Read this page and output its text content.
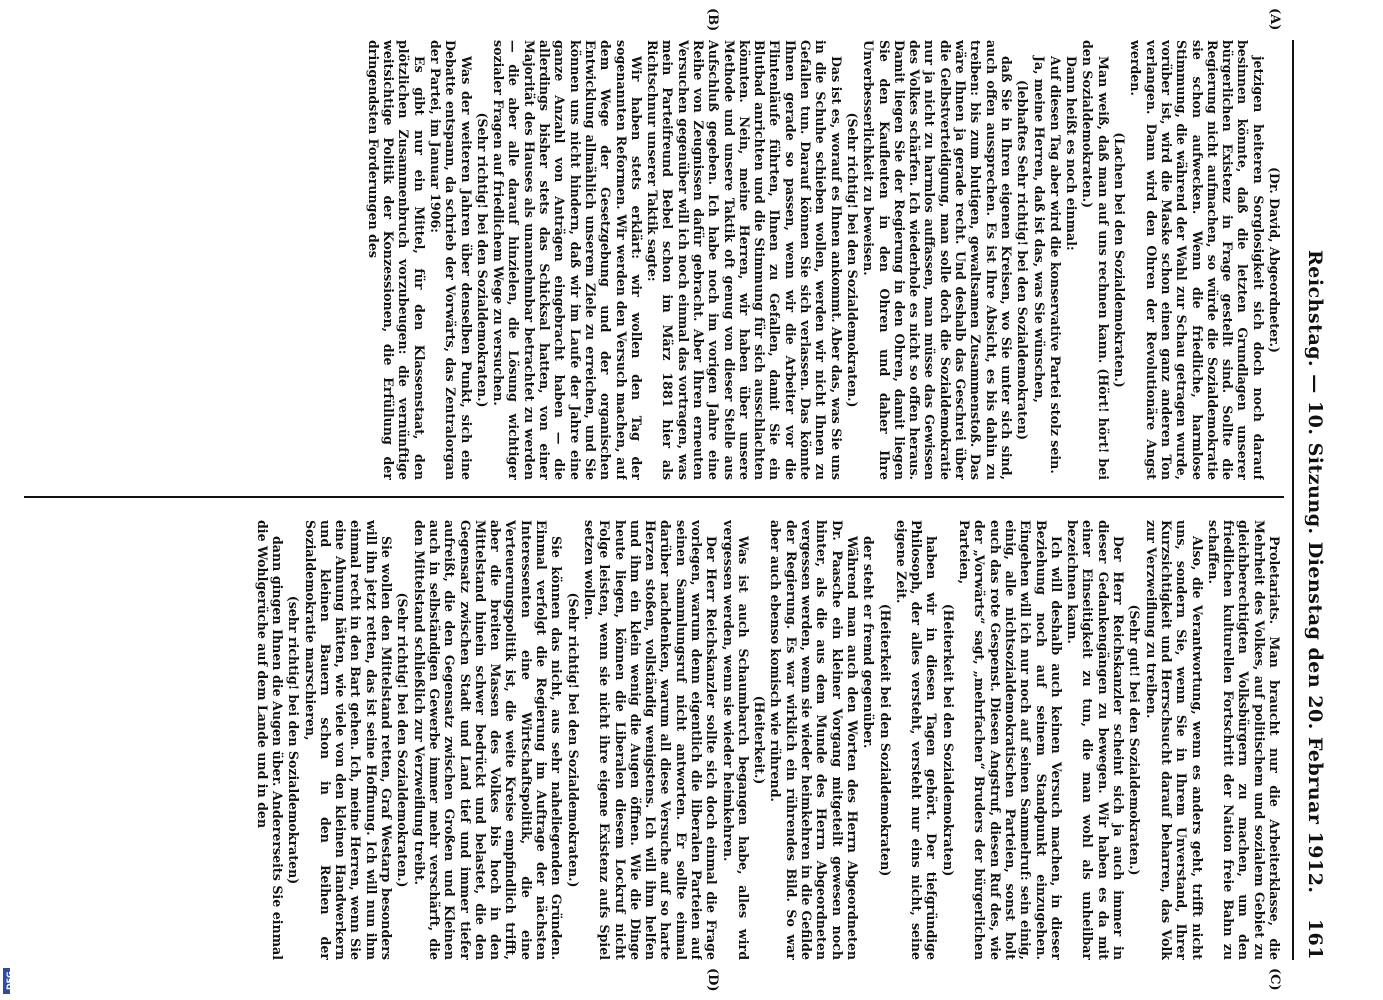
Reichstag. — 10. Sitzung. Dienstag den 20. Februar 1912.
161
(A)
(B)
(C)
(D)

(Dr. David, Abgeordneter.)

jetzigen heiteren Sorglosigkeit sich doch noch darauf besinnen könnte, daß die letzten Grundlagen unserer bürgerlichen Existenz in Frage gestellt sind. Sollte die Regierung nicht aufmachen, so würde die Sozialdemokratie sie schon aufwecken. Wenn die friedliche, harmlose Stimmung, die während der Wahl zur Schau getragen wurde, vorüber ist, wird die Maske schon einen ganz anderen Ton verlangen. Dann wird den Ohren der Revolutionäre Angst werden.

(Lachen bei den Sozialdemokraten.)

Man weiß, daß man auf uns rechnen kann. (Hört! hört! bei den Sozialdemokraten.)

Dann heißt es noch einmal:

Auf diesen Tag aber wird die konservative Partei stolz sein.

Ja, meine Herren, daß ist das, was Sie wünschen,

(lebhaftes Sehr richtig! bei den Sozialdemokraten)

daß Sie in Ihren eigenen Kreisen, wo Sie unter sich sind, auch offen aussprechen. Es ist Ihre Absicht, es bis dahin zu treiben: bis zum blutigen, gewaltsamen Zusammenstoß. Das wäre Ihnen ja gerade recht. Und deshalb das Geschrei über die Gelbstverteidigung, man solle doch die Sozialdemokratie nur ja nicht zu harmlos auffassen, man müsse das Gewissen des Volkes schärfen. Ich wiederhole es nicht so offen heraus. Damit liegen Sie der Regierung in den Ohren, damit liegen Sie den Kaufleuten in den Ohren und daher Ihre Unverbesserlichkeit zu beweisen.

(Sehr richtig! bei den Sozialdemokraten.)

Das ist es, worauf es Ihnen ankommt. Aber das, was Sie uns in die Schuhe schieben wollen, werden wir nicht Ihnen zu Gefallen tun. Darauf können Sie sich verlassen. Das könnte Ihnen gerade so passen, wenn wir die Arbeiter vor die Flintenläufe führten, Ihnen zu Gefallen, damit Sie ein Blutbad anrichten und die Stimmung für sich ausschlachten könnten. Nein, meine Herren, wir haben über unsere Methode und unsere Taktik oft genug von dieser Stelle aus Aufschluß gegeben. Ich habe noch im vorigen Jahre eine Reihe von Zeugnissen dafür gebracht. Aber Ihren erneuten Versuchen gegenüber will ich noch einmal das vortragen, was mein Parteifreund Bebel schon im März 1881 hier als Richtschnur unserer Taktik sagte:

Wir haben stets erklärt: wir wollen den Tag der sogenannten Reformen. Wir werden den Versuch machen, auf dem Wege der Gesetzgebung und der organischen Entwicklung allmählich unserem Ziele zu erreichen, und Sie können uns nicht hindern, daß wir im Laufe der Jahre eine ganze Anzahl von Anträgen eingebracht haben — die allerdings bisher stets das Schicksal hatten, von einer Majorität des Hauses als unannehmbar betrachtet zu werden — die aber alle darauf hinzielen, die Lösung wichtiger sozialer Fragen auf friedlichem Wege zu versuchen.

(Sehr richtig! bei den Sozialdemokraten.)

Was der weiteren Jahren über denselben Punkt, sich eine Debatte entspann, da schrieb der Vorwärts, das Zentralorgan der Partei, im Januar 1906:

Es gibt nur ein Mittel, für den Klassenstaat, den plötzlichen Zusammenbruch vorzubeugen: die vernünftige weitsichtige Politik der Konzessionen, die Erfüllung der dringendsten Forderungen des

Proletariats. Man braucht nur die Arbeiterklasse, die Mehrheit des Volkes, auf politischem und sozialem Gebiet zu gleichberechtigten Volksbürgern zu machen, um den friedlichen kulturellen Fortschritt der Nation freie Bahn zu schaffen.

Also, die Verantwortung, wenn es anders geht, trifft nicht uns, sondern Sie, wenn Sie in Ihrem Unverstand, Ihrer Kurzsichtigkeit und Herrschsucht darauf beharren, das Volk zur Verzweiflung zu treiben.

(Sehr gut! bei den Sozialdemokraten.)

Der Herr Reichskanzler scheint sich ja auch immer in dieser Gedankengängen zu bewegen. Wir haben es da mit einer Einseitigkeit zu tun, die man wohl als unheilbar bezeichnen kann.

Ich will deshalb auch keinen Versuch machen, in dieser Beziehung noch auf seinem Standpunkt einzugehen. Eingehen will ich nur noch auf seinen Sammelruf: sein einig, einig, alle nichtsozialdemokratischen Parteien, sonst holt euch das rote Gespenst. Diesen Angstruf, diesen Ruf des, wie der „Vorwärts“ sagt, „mehrfachen“ Bruders der bürgerlichen Parteien,

(Heiterkeit bei den Sozialdemokraten)

haben wir in diesen Tagen gehört. Der tiefgründige Philosoph, der alles versteht, versteht nur eins nicht, seine eigene Zeit.

(Heiterkeit bei den Sozialdemokraten)

der steht er fremd gegenüber.

Während man auch den Worten des Herrn Abgeordneten Dr. Paasche ein kleiner Vorgang mitgeteilt gewesen noch hinter, als die aus dem Munde des Herrn Abgeordneten vergessen werden, wenn sie wieder heimkehren in die Gefilde der Regierung. Es war wirklich ein rührendes Bild. So war aber auch ebenso komisch wie rührend.

(Heiterkeit.)

Was ist auch Schaumbarch begangen habe, alles wird vergessen werden, wenn sie wieder heimkehren.

Der Herr Reichskanzler sollte sich doch einmal die Frage vorlegen, warum denn eigentlich die liberalen Parteien auf seinen Sammlungsruf nicht antworten. Er sollte einmal darüber nachdenken, warum all diese Versuche auf so harte Herzen stoßen, vollständig wenigstens. Ich will ihm helfen und ihm ein klein wenig die Augen öffnen. Wie die Dinge heute liegen, können die Liberalen diesem Lockruf nicht Folge leisten, wenn sie nicht ihre eigene Existenz aufs Spiel setzen wollen.

(Sehr richtig! bei den Sozialdemokraten.)

Sie können das nicht, aus sehr naheliegenden Gründen. Einmal verfolgt die Regierung im Auftrage der nächsten Interessenten eine Wirtschaftspolitik, die eine Verteuerungspolitik ist, die weite Kreise empfindlich trifft, aber die breiten Massen des Volkes bis hoch in den Mittelstand hinein schwer bedrückt und belastet, die den Gegensatz zwischen Stadt und Land tief und immer tiefer aufreißt, die den Gegensatz zwischen Großen und Kleinen auch in selbständigen Gewerbe immer mehr verschärft, die den Mittelstand schließlich zur Verzweiflung treibt.

(Sehr richtig! bei den Sozialdemokraten.)

Sie wollen den Mittelstand retten, Graf Westarp besonders will ihn jetzt retten, das ist seine Hoffnung. Ich will nun ihm einmal recht in den Bart gehen. Ich, meine Herren, wenn Sie eine Ahnung hätten, wie viele von den kleinen Handwerkern und kleinen Bauern schon in den Reihen der Sozialdemokratie marschieren,

(sehr richtig! bei den Sozialdemokraten)

dann gingen Ihnen die Augen über. Andererseits Sie einmal die Wohlgerüche auf dem Lande und in den
